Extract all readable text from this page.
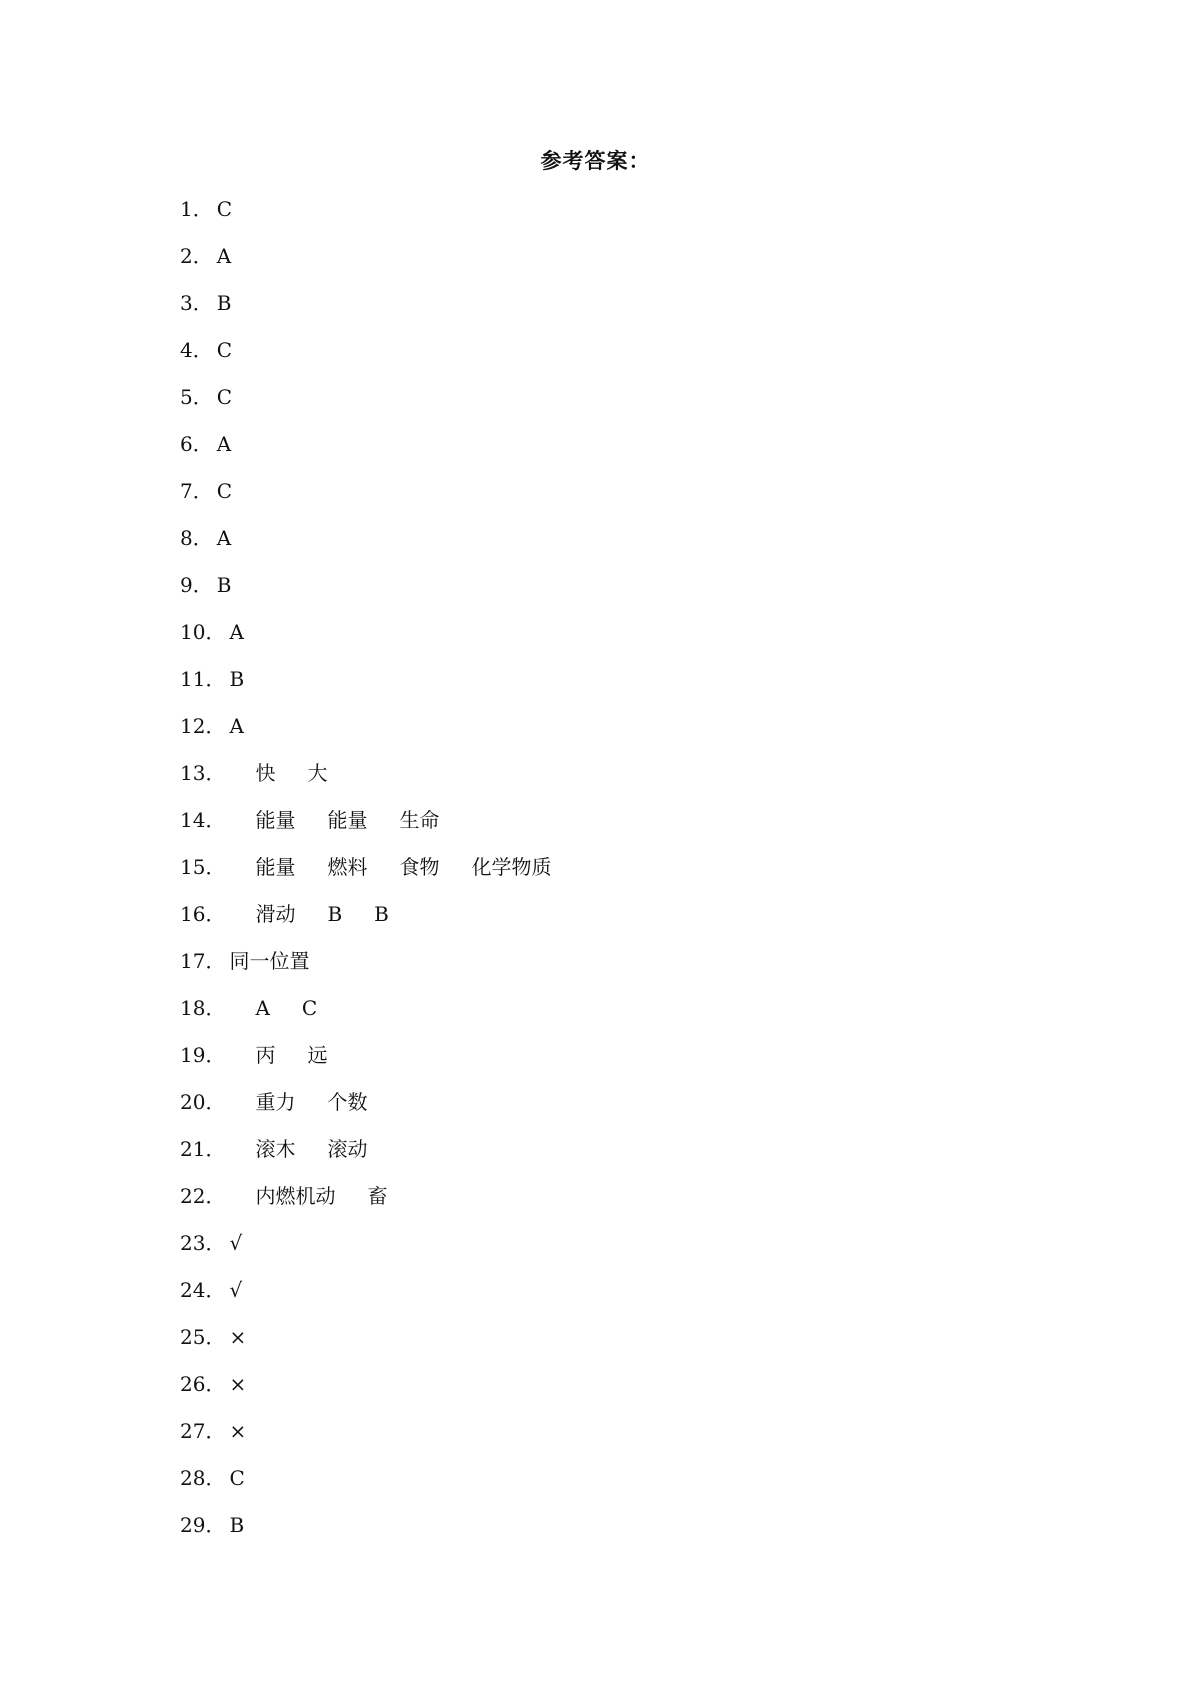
参考答案：
1． C
2． A
3． B
4． C
5． C
6． A
7． C
8． A
9． B
10． A
11． B
12． A
13． 快 大
14． 能量 能量 生命
15． 能量 燃料 食物 化学物质
16． 滑动 B B
17． 同一位置
18． A C
19． 丙 远
20． 重力 个数
21． 滚木 滚动
22． 内燃机动 畜
23． √
24． √
25． ×
26． ×
27． ×
28． C
29． B
